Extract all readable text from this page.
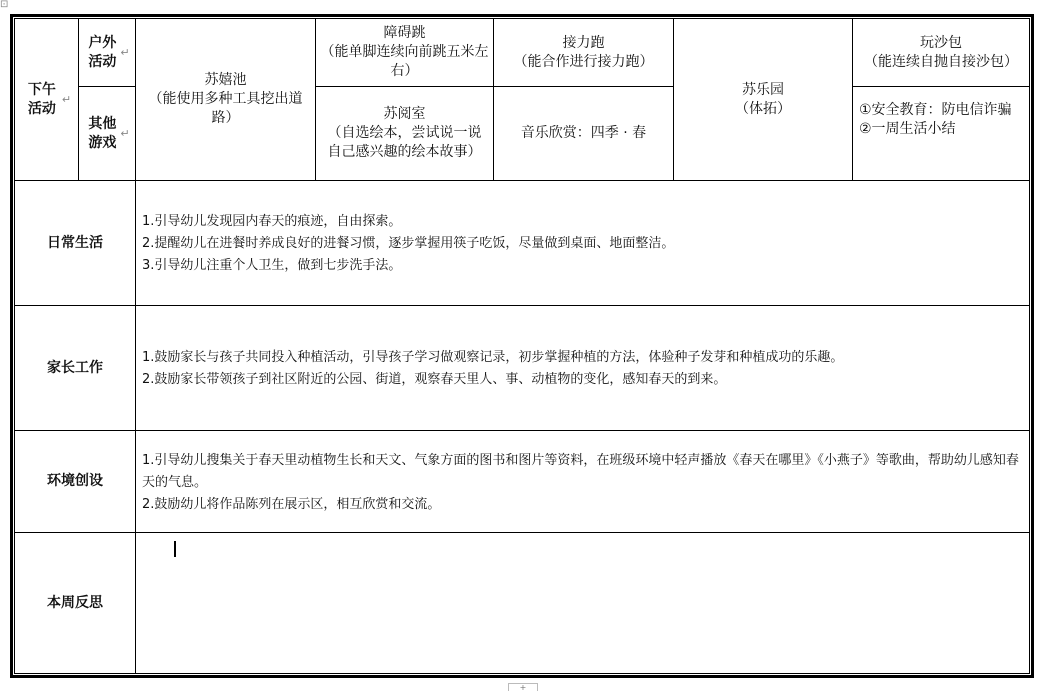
⊡
下午活动
↵
户外活动
↵
其他游戏
↵
苏嬉池
（能使用多种工具挖出道路）
障碍跳
（能单脚连续向前跳五米左右）
接力跑
（能合作进行接力跑）
苏乐园
（体拓）
玩沙包
（能连续自抛自接沙包）
苏阅室
（自选绘本，尝试说一说自己感兴趣的绘本故事）
音乐欣赏：四季 · 春
①安全教育：防电信诈骗
②一周生活小结
日常生活
1.引导幼儿发现园内春天的痕迹，自由探索。
2.提醒幼儿在进餐时养成良好的进餐习惯，逐步掌握用筷子吃饭，尽量做到桌面、地面整洁。
3.引导幼儿注重个人卫生，做到七步洗手法。
家长工作
1.鼓励家长与孩子共同投入种植活动，引导孩子学习做观察记录，初步掌握种植的方法，体验种子发芽和种植成功的乐趣。
2.鼓励家长带领孩子到社区附近的公园、街道，观察春天里人、事、动植物的变化，感知春天的到来。
环境创设
1.引导幼儿搜集关于春天里动植物生长和天文、气象方面的图书和图片等资料，在班级环境中轻声播放《春天在哪里》《小燕子》等歌曲，帮助幼儿感知春天的气息。
2.鼓励幼儿将作品陈列在展示区，相互欣赏和交流。
本周反思
+
